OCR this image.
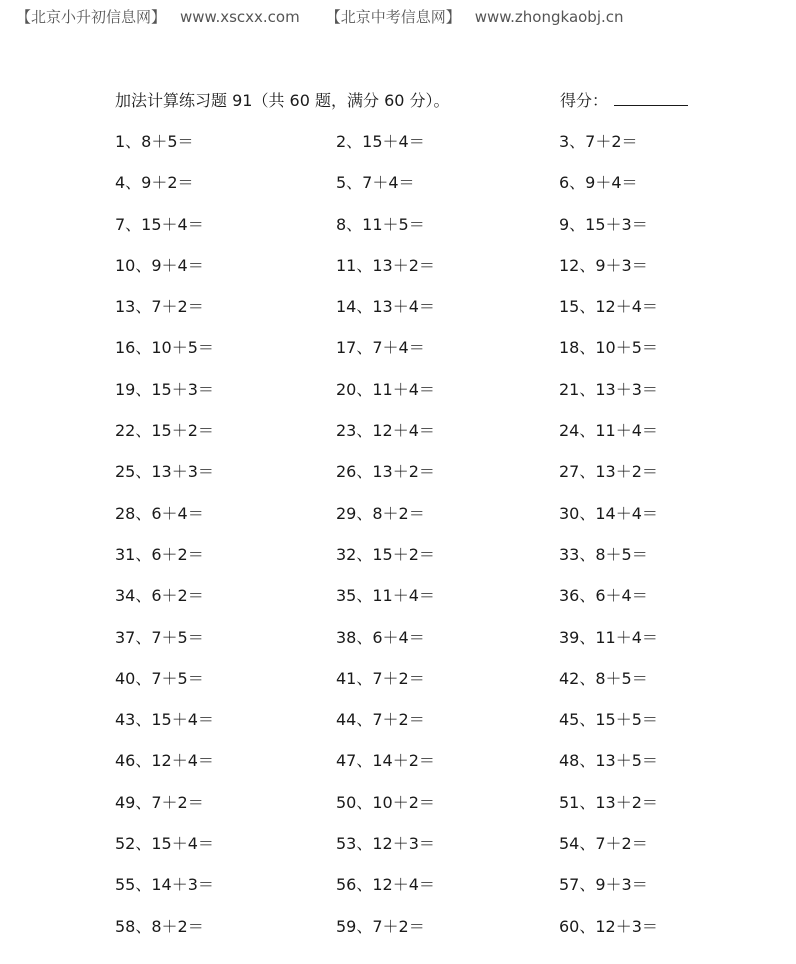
【北京小升初信息网】 www.xscxx.com 【北京中考信息网】 www.zhongkaobj.cn
加法计算练习题 91（共 60 题，满分 60 分）。	得分：
1、8＋5＝	2、15＋4＝	3、7＋2＝
4、9＋2＝	5、7＋4＝	6、9＋4＝
7、15＋4＝	8、11＋5＝	9、15＋3＝
10、9＋4＝	11、13＋2＝	12、9＋3＝
13、7＋2＝	14、13＋4＝	15、12＋4＝
16、10＋5＝	17、7＋4＝	18、10＋5＝
19、15＋3＝	20、11＋4＝	21、13＋3＝
22、15＋2＝	23、12＋4＝	24、11＋4＝
25、13＋3＝	26、13＋2＝	27、13＋2＝
28、6＋4＝	29、8＋2＝	30、14＋4＝
31、6＋2＝	32、15＋2＝	33、8＋5＝
34、6＋2＝	35、11＋4＝	36、6＋4＝
37、7＋5＝	38、6＋4＝	39、11＋4＝
40、7＋5＝	41、7＋2＝	42、8＋5＝
43、15＋4＝	44、7＋2＝	45、15＋5＝
46、12＋4＝	47、14＋2＝	48、13＋5＝
49、7＋2＝	50、10＋2＝	51、13＋2＝
52、15＋4＝	53、12＋3＝	54、7＋2＝
55、14＋3＝	56、12＋4＝	57、9＋3＝
58、8＋2＝	59、7＋2＝	60、12＋3＝
